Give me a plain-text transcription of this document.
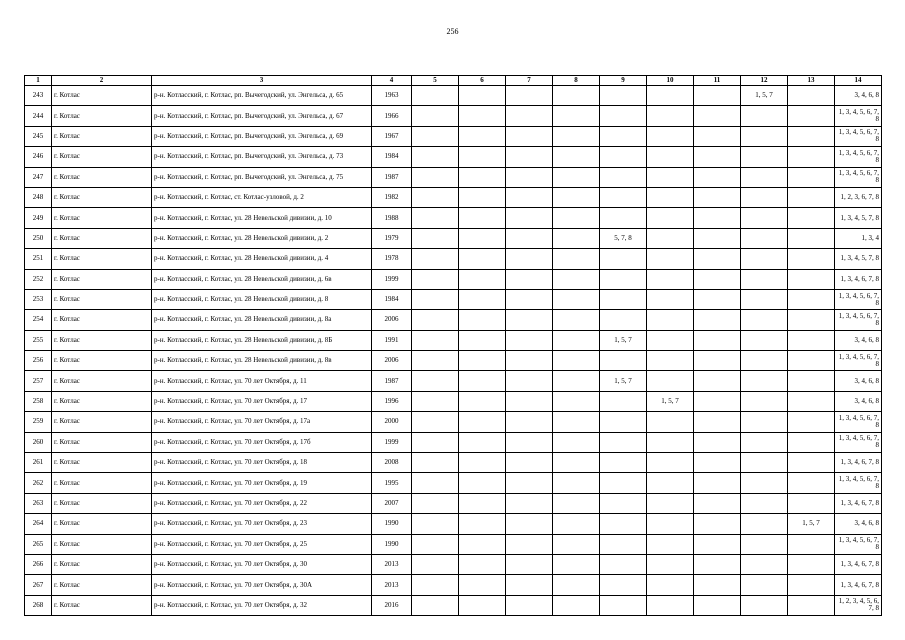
256
1	2	3	4	5	6	7	8	9	10	11	12	13	14
243	г. Котлас	р-н. Котласский, г. Котлас, рп. Вычегодский, ул. Энгельса, д. 65	1963								1, 5, 7		3, 4, 6, 8
244	г. Котлас	р-н. Котласский, г. Котлас, рп. Вычегодский, ул. Энгельса, д. 67	1966										1, 3, 4, 5, 6, 7, 8
245	г. Котлас	р-н. Котласский, г. Котлас, рп. Вычегодский, ул. Энгельса, д. 69	1967										1, 3, 4, 5, 6, 7, 8
246	г. Котлас	р-н. Котласский, г. Котлас, рп. Вычегодский, ул. Энгельса, д. 73	1984										1, 3, 4, 5, 6, 7, 8
247	г. Котлас	р-н. Котласский, г. Котлас, рп. Вычегодский, ул. Энгельса, д. 75	1987										1, 3, 4, 5, 6, 7, 8
248	г. Котлас	р-н. Котласский, г. Котлас, ст. Котлас-узловой, д. 2	1982										1, 2, 3, 6, 7, 8
249	г. Котлас	р-н. Котласский, г. Котлас, ул. 28 Невельской дивизии, д. 10	1988										1, 3, 4, 5, 7, 8
250	г. Котлас	р-н. Котласский, г. Котлас, ул. 28 Невельской дивизии, д. 2	1979					5, 7, 8					1, 3, 4
251	г. Котлас	р-н. Котласский, г. Котлас, ул. 28 Невельской дивизии, д. 4	1978										1, 3, 4, 5, 7, 8
252	г. Котлас	р-н. Котласский, г. Котлас, ул. 28 Невельской дивизии, д. 6в	1999										1, 3, 4, 6, 7, 8
253	г. Котлас	р-н. Котласский, г. Котлас, ул. 28 Невельской дивизии, д. 8	1984										1, 3, 4, 5, 6, 7, 8
254	г. Котлас	р-н. Котласский, г. Котлас, ул. 28 Невельской дивизии, д. 8а	2006										1, 3, 4, 5, 6, 7, 8
255	г. Котлас	р-н. Котласский, г. Котлас, ул. 28 Невельской дивизии, д. 8Б	1991					1, 5, 7					3, 4, 6, 8
256	г. Котлас	р-н. Котласский, г. Котлас, ул. 28 Невельской дивизии, д. 8в	2006										1, 3, 4, 5, 6, 7, 8
257	г. Котлас	р-н. Котласский, г. Котлас, ул. 70 лет Октября, д. 11	1987					1, 5, 7					3, 4, 6, 8
258	г. Котлас	р-н. Котласский, г. Котлас, ул. 70 лет Октября, д. 17	1996						1, 5, 7				3, 4, 6, 8
259	г. Котлас	р-н. Котласский, г. Котлас, ул. 70 лет Октября, д. 17а	2000										1, 3, 4, 5, 6, 7, 8
260	г. Котлас	р-н. Котласский, г. Котлас, ул. 70 лет Октября, д. 17б	1999										1, 3, 4, 5, 6, 7, 8
261	г. Котлас	р-н. Котласский, г. Котлас, ул. 70 лет Октября, д. 18	2008										1, 3, 4, 6, 7, 8
262	г. Котлас	р-н. Котласский, г. Котлас, ул. 70 лет Октября, д. 19	1995										1, 3, 4, 5, 6, 7, 8
263	г. Котлас	р-н. Котласский, г. Котлас, ул. 70 лет Октября, д. 22	2007										1, 3, 4, 6, 7, 8
264	г. Котлас	р-н. Котласский, г. Котлас, ул. 70 лет Октября, д. 23	1990									1, 5, 7	3, 4, 6, 8
265	г. Котлас	р-н. Котласский, г. Котлас, ул. 70 лет Октября, д. 25	1990										1, 3, 4, 5, 6, 7, 8
266	г. Котлас	р-н. Котласский, г. Котлас, ул. 70 лет Октября, д. 30	2013										1, 3, 4, 6, 7, 8
267	г. Котлас	р-н. Котласский, г. Котлас, ул. 70 лет Октября, д. 30А	2013										1, 3, 4, 6, 7, 8
268	г. Котлас	р-н. Котласский, г. Котлас, ул. 70 лет Октября, д. 32	2016										1, 2, 3, 4, 5, 6, 7, 8
